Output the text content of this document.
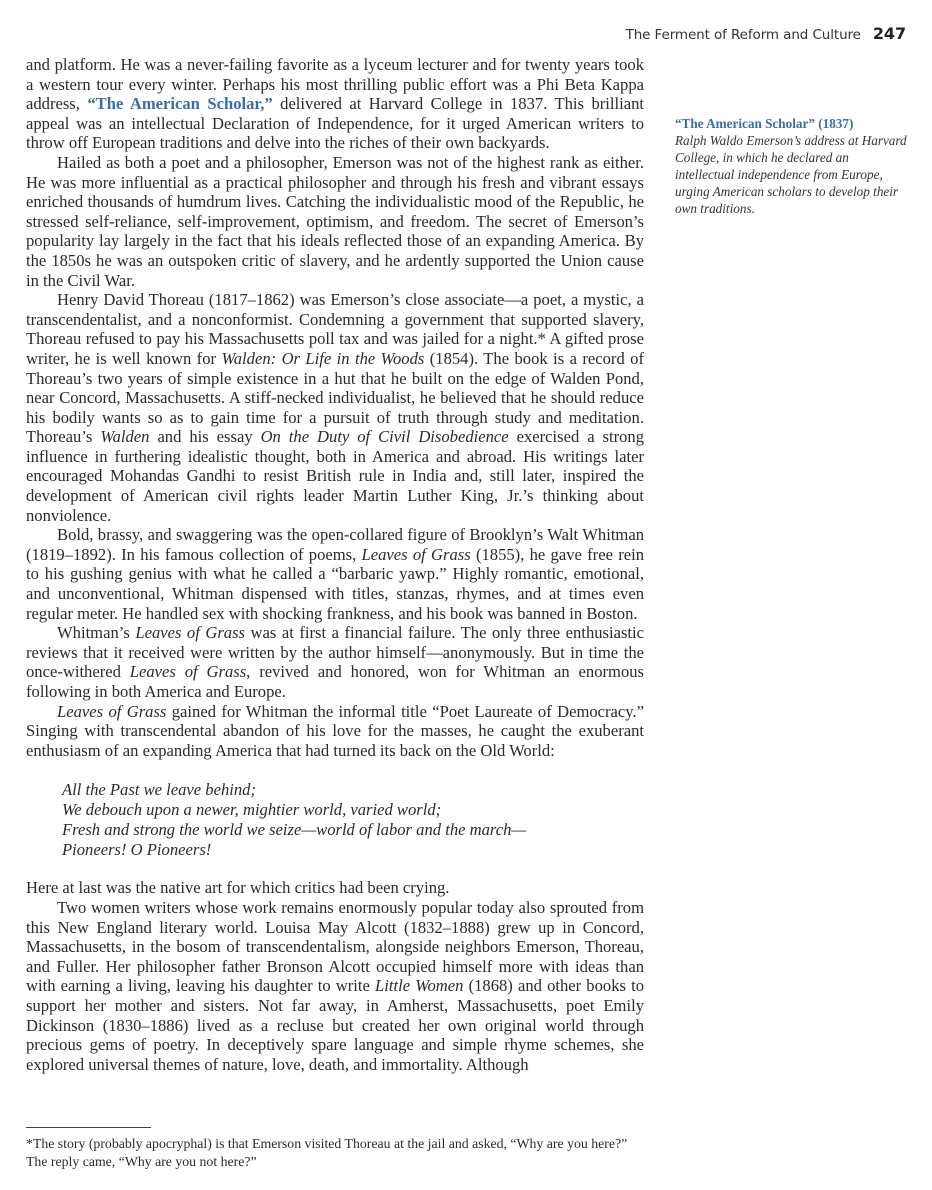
The Ferment of Reform and Culture 247

and platform. He was a never-failing favorite as a lyceum lecturer and for twenty years took a western tour every winter. Perhaps his most thrilling public effort was a Phi Beta Kappa address, “The American Scholar,” delivered at Harvard College in 1837. This brilliant appeal was an intellectual Declaration of Independence, for it urged American writers to throw off European traditions and delve into the riches of their own backyards.

Hailed as both a poet and a philosopher, Emerson was not of the highest rank as either. He was more influential as a practical philosopher and through his fresh and vibrant essays enriched thousands of humdrum lives. Catching the individualistic mood of the Republic, he stressed self-reliance, self-improvement, optimism, and freedom. The secret of Emerson’s popularity lay largely in the fact that his ideals reflected those of an expanding America. By the 1850s he was an outspoken critic of slavery, and he ardently supported the Union cause in the Civil War.

Henry David Thoreau (1817–1862) was Emerson’s close associate—a poet, a mystic, a transcendentalist, and a nonconformist. Condemning a government that supported slavery, Thoreau refused to pay his Massachusetts poll tax and was jailed for a night.* A gifted prose writer, he is well known for Walden: Or Life in the Woods (1854). The book is a record of Thoreau’s two years of simple existence in a hut that he built on the edge of Walden Pond, near Concord, Massachusetts. A stiff-necked individualist, he believed that he should reduce his bodily wants so as to gain time for a pursuit of truth through study and meditation. Thoreau’s Walden and his essay On the Duty of Civil Disobedience exercised a strong influence in furthering idealistic thought, both in America and abroad. His writings later encouraged Mohandas Gandhi to resist British rule in India and, still later, inspired the development of American civil rights leader Martin Luther King, Jr.’s thinking about nonviolence.

Bold, brassy, and swaggering was the open-collared figure of Brooklyn’s Walt Whitman (1819–1892). In his famous collection of poems, Leaves of Grass (1855), he gave free rein to his gushing genius with what he called a “barbaric yawp.” Highly romantic, emotional, and unconventional, Whitman dispensed with titles, stanzas, rhymes, and at times even regular meter. He handled sex with shocking frankness, and his book was banned in Boston.

Whitman’s Leaves of Grass was at first a financial failure. The only three enthusiastic reviews that it received were written by the author himself—anonymously. But in time the once-withered Leaves of Grass, revived and honored, won for Whitman an enormous following in both America and Europe.

Leaves of Grass gained for Whitman the informal title “Poet Laureate of Democracy.” Singing with transcendental abandon of his love for the masses, he caught the exuberant enthusiasm of an expanding America that had turned its back on the Old World:

All the Past we leave behind;
We debouch upon a newer, mightier world, varied world;
Fresh and strong the world we seize—world of labor and the march—
Pioneers! O Pioneers!

Here at last was the native art for which critics had been crying.

Two women writers whose work remains enormously popular today also sprouted from this New England literary world. Louisa May Alcott (1832–1888) grew up in Concord, Massachusetts, in the bosom of transcendentalism, alongside neighbors Emerson, Thoreau, and Fuller. Her philosopher father Bronson Alcott occupied himself more with ideas than with earning a living, leaving his daughter to write Little Women (1868) and other books to support her mother and sisters. Not far away, in Amherst, Massachusetts, poet Emily Dickinson (1830–1886) lived as a recluse but created her own original world through precious gems of poetry. In deceptively spare language and simple rhyme schemes, she explored universal themes of nature, love, death, and immortality. Although

“The American Scholar” (1837)
Ralph Waldo Emerson’s address at Harvard College, in which he declared an intellectual independence from Europe, urging American scholars to develop their own traditions.
*The story (probably apocryphal) is that Emerson visited Thoreau at the jail and asked, “Why are you here?” The reply came, “Why are you not here?”
